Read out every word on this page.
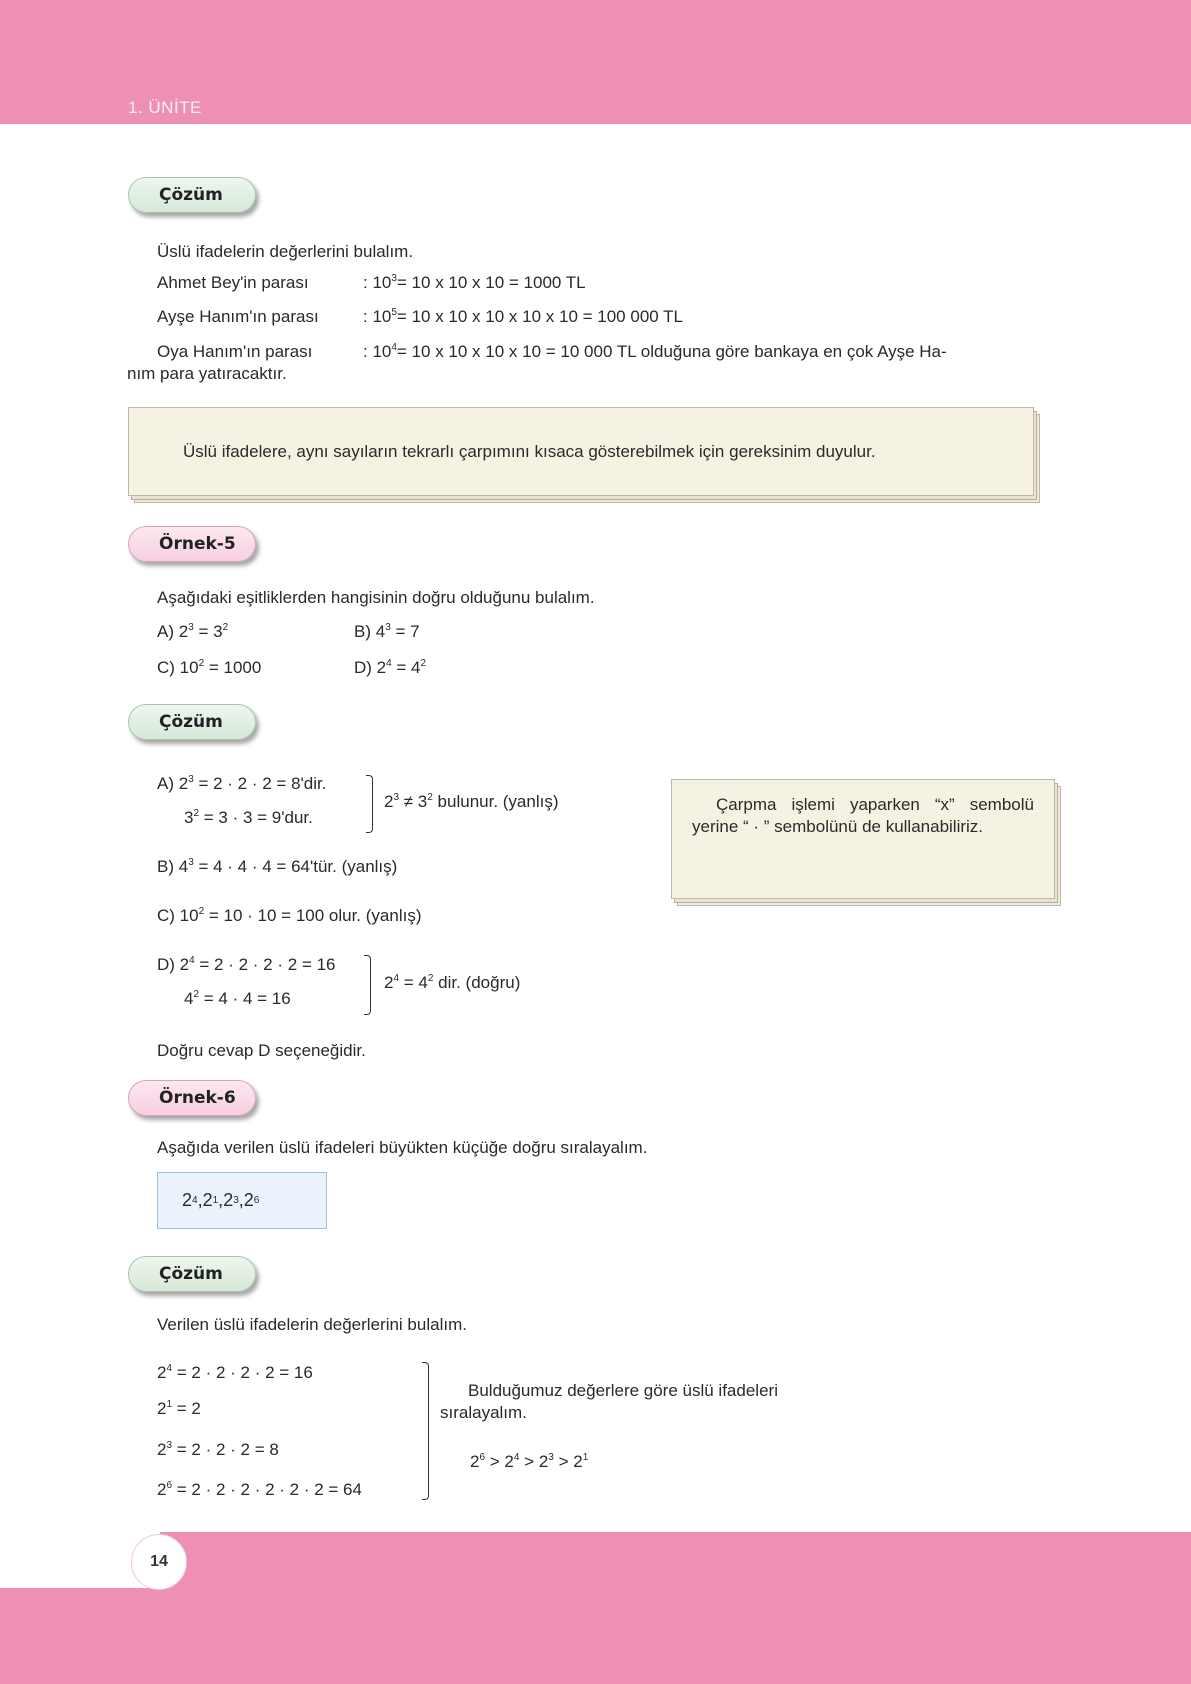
1. ÜNİTE
Çözüm
Üslü ifadelerin değerlerini bulalım.
Ahmet Bey'in parası	: $10^3= 10$ x 10 x 10 = 1000 TL
Ayşe Hanım'ın parası	: $10^5= 10$ x 10 x 10 x 10 x 10 = 100 000 TL
Oya Hanım'ın parası	: $10^4= 10$ x 10 x 10 x 10 = 10 000 TL olduğuna göre bankaya en çok Ayşe Ha-
nım para yatıracaktır.
Üslü ifadelere, aynı sayıların tekrarlı çarpımını kısaca gösterebilmek için gereksinim duyulur.
Örnek-5
Aşağıdaki eşitliklerden hangisinin doğru olduğunu bulalım.
A) $2^3 = 3^2$	B) $4^3 = 7$
C) $10^2 = 1000$	D) $2^4 = 4^2$
Çözüm
A) $2^3 = 2 \cdot 2 \cdot 2 = 8'dir$.
$3^2 = 3 \cdot 3 = 9'dur$.
$2^3 \ne 3^2$ bulunur. (yanlış)
B) $4^3 = 4 \cdot 4 \cdot 4$ = 64'tür. (yanlış)
C) $10^2 = 10 \cdot 10 = 100$ olur. (yanlış)
D) $2^4 = 2 \cdot 2 \cdot 2 \cdot 2 = 16$
$4^2 = 4 \cdot 4 = 16$
$2^4 = 4^2$ dir. (doğru)
Doğru cevap D seçeneğidir.
Çarpma işlemi yaparken “x” sembolü yerine “ · ” sembolünü de kullanabiliriz.
Örnek-6
Aşağıda verilen üslü ifadeleri büyükten küçüğe doğru sıralayalım.
2 4 , 2 1 , 2 3 , 2 6
Çözüm
Verilen üslü ifadelerin değerlerini bulalım.
$2^4 = 2 \cdot 2 \cdot 2 \cdot 2 = 16$
$2^1 = 2$
$2^3 = 2 \cdot 2 \cdot 2 = 8$
$2^6 = 2 \cdot 2 \cdot 2 \cdot 2 \cdot 2 \cdot 2 = 64$
Bulduğumuz değerlere göre üslü ifadeleri
sıralayalım.
$2^6 > 2^4 > 2^3 > 2^1$
14
